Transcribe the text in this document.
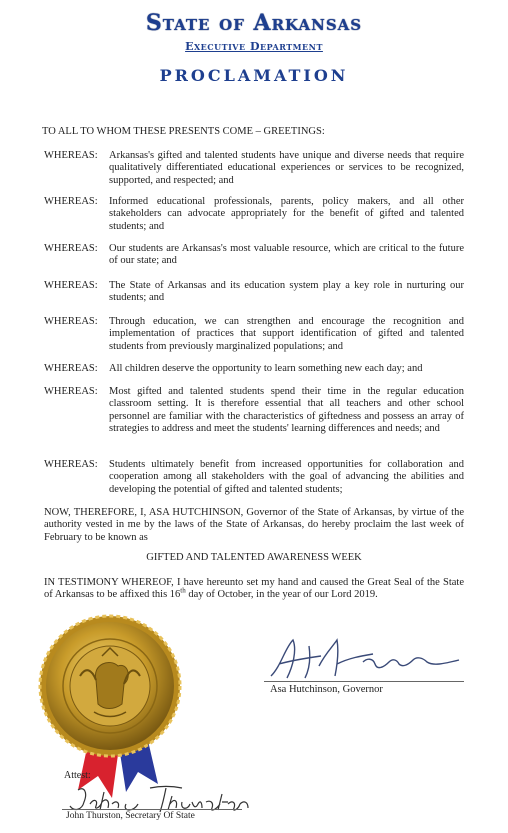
State of Arkansas
Executive Department
PROCLAMATION
TO ALL TO WHOM THESE PRESENTS COME – GREETINGS:
WHEREAS: Arkansas's gifted and talented students have unique and diverse needs that require qualitatively differentiated educational experiences or services to be recognized, supported, and respected; and
WHEREAS: Informed educational professionals, parents, policy makers, and all other stakeholders can advocate appropriately for the benefit of gifted and talented students; and
WHEREAS: Our students are Arkansas's most valuable resource, which are critical to the future of our state; and
WHEREAS: The State of Arkansas and its education system play a key role in nurturing our students; and
WHEREAS: Through education, we can strengthen and encourage the recognition and implementation of practices that support identification of gifted and talented students from previously marginalized populations; and
WHEREAS: All children deserve the opportunity to learn something new each day; and
WHEREAS: Most gifted and talented students spend their time in the regular education classroom setting. It is therefore essential that all teachers and other school personnel are familiar with the characteristics of giftedness and possess an array of strategies to address and meet the students' learning differences and needs; and
WHEREAS: Students ultimately benefit from increased opportunities for collaboration and cooperation among all stakeholders with the goal of advancing the abilities and developing the potential of gifted and talented students;
NOW, THEREFORE, I, ASA HUTCHINSON, Governor of the State of Arkansas, by virtue of the authority vested in me by the laws of the State of Arkansas, do hereby proclaim the last week of February to be known as
GIFTED AND TALENTED AWARENESS WEEK
IN TESTIMONY WHEREOF, I have hereunto set my hand and caused the Great Seal of the State of Arkansas to be affixed this 16th day of October, in the year of our Lord 2019.
Asa Hutchinson, Governor
Attest:
John Thurston, Secretary Of State
